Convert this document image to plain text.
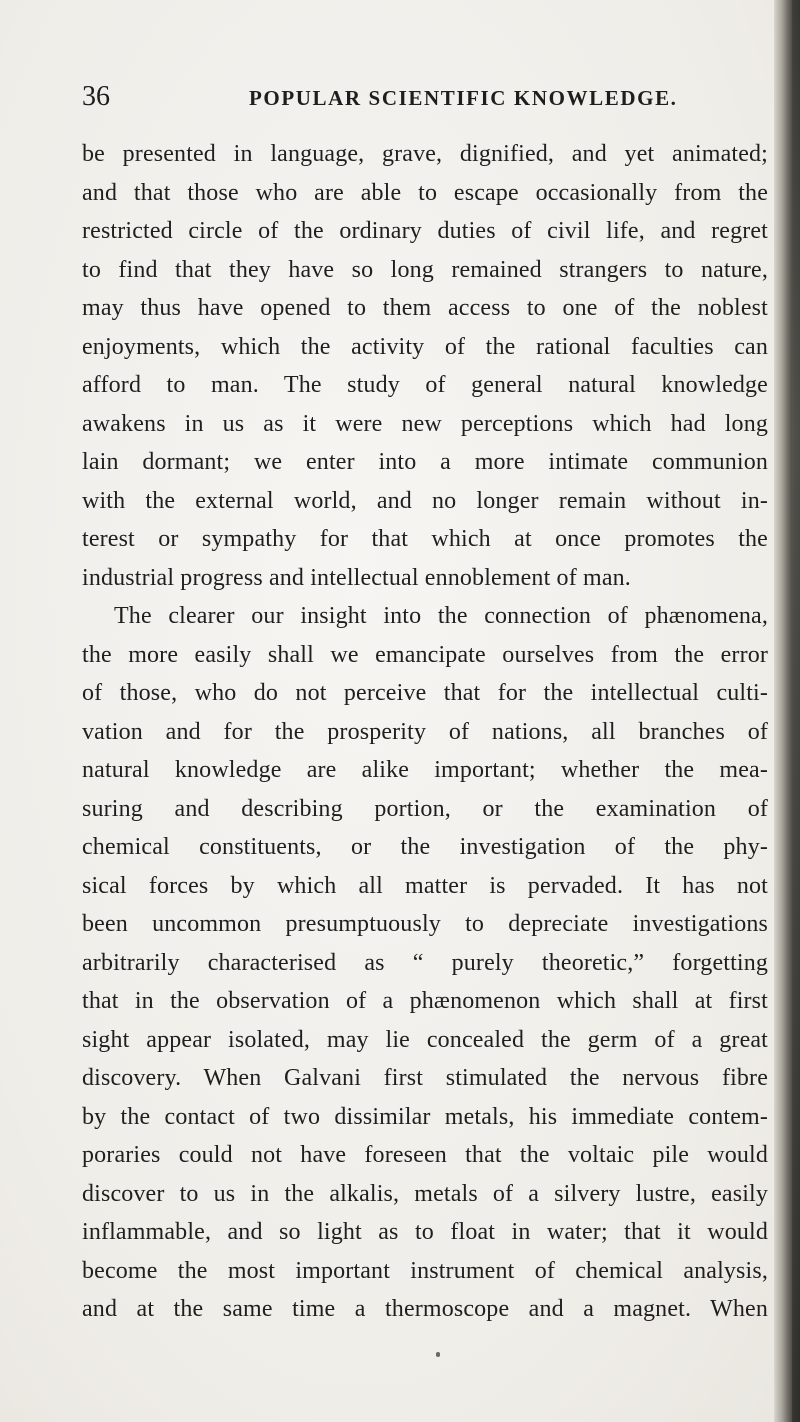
36	POPULAR SCIENTIFIC KNOWLEDGE.
be presented in language, grave, dignified, and yet animated;
and that those who are able to escape occasionally from the
restricted circle of the ordinary duties of civil life, and regret
to find that they have so long remained strangers to nature,
may thus have opened to them access to one of the noblest
enjoyments, which the activity of the rational faculties can
afford to man. The study of general natural knowledge
awakens in us as it were new perceptions which had long
lain dormant; we enter into a more intimate communion
with the external world, and no longer remain without in-
terest or sympathy for that which at once promotes the
industrial progress and intellectual ennoblement of man.
The clearer our insight into the connection of phænomena,
the more easily shall we emancipate ourselves from the error
of those, who do not perceive that for the intellectual culti-
vation and for the prosperity of nations, all branches of
natural knowledge are alike important; whether the mea-
suring and describing portion, or the examination of
chemical constituents, or the investigation of the phy-
sical forces by which all matter is pervaded. It has not
been uncommon presumptuously to depreciate investigations
arbitrarily characterised as “ purely theoretic,” forgetting
that in the observation of a phænomenon which shall at first
sight appear isolated, may lie concealed the germ of a great
discovery. When Galvani first stimulated the nervous fibre
by the contact of two dissimilar metals, his immediate contem-
poraries could not have foreseen that the voltaic pile would
discover to us in the alkalis, metals of a silvery lustre, easily
inflammable, and so light as to float in water; that it would
become the most important instrument of chemical analysis,
and at the same time a thermoscope and a magnet. When
